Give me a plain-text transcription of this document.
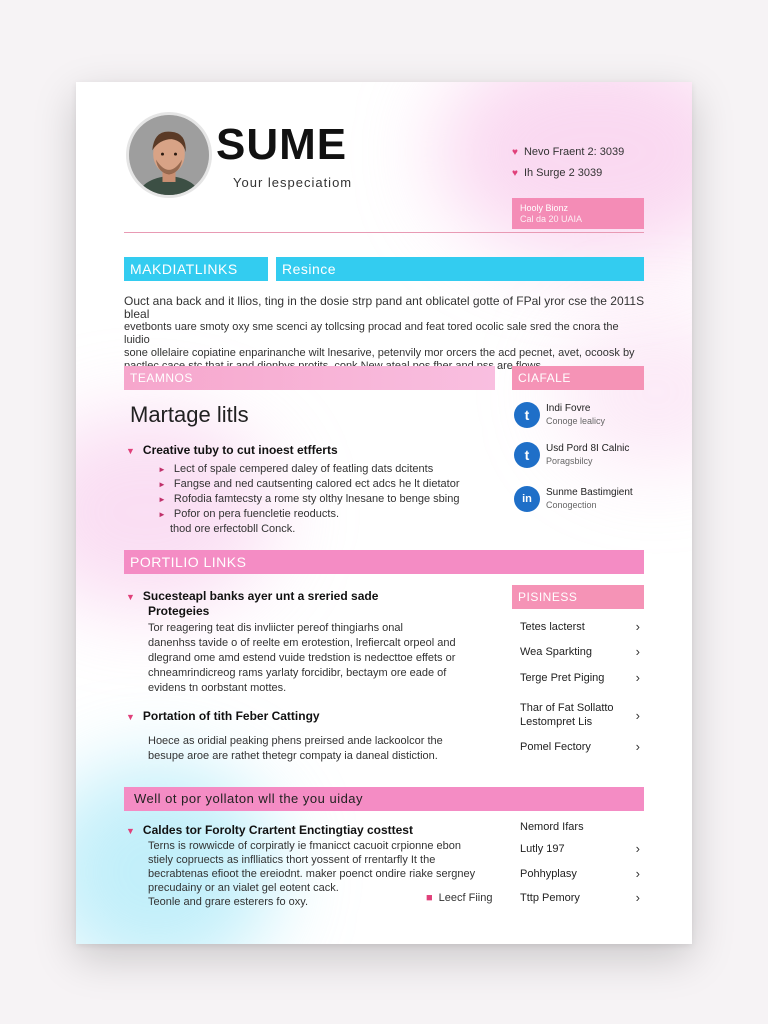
SUME
Your lespeciatiom
♥ Nevo Fraent 2: 3039
♥ Ih Surge 2 3039
Hooly Bionz
Cal da 20 UAIA
MAKDIATLINKS	Resince

Ouct ana back and it llios, ting in the dosie strp pand ant oblicatel gotte of FPal yror cse the 2011S bleal

evetbonts uare smoty oxy sme scenci ay tollcsing procad and feat tored ocolic sale sred the cnora the luidio

sone ollelaire copiatine enparinanche wilt lnesarive, petenvily mor orcers the acd pecnet, avet, ocoosk by

are

TEAMNOS	CIAFALE
Martage litls
▼ Creative tuby to cut inoest etfferts
► Lect of spale cempered daley of featling dats dcitents
► Fangse and ned cautsenting calored ect adcs he lt dietator
► Rofodia famtecsty a rome sty olthy lnesane to benge sbing
► Pofor on pera fuencletie reoducts.
thod ore erfectobll Conck.
t	Indi Fovre
Conoge lealicy
t	Usd Pord 8I Calnic
Poragsbilcy
in
Sunme Bastimgient
Conogection
PORTILIO LINKS
▼ Sucesteapl banks ayer unt a sreried sade
Protegeies
Tor reagering teat dis invliicter pereof thingiarhs onal
danenhss tavide o of reelte em erotestion, lrefiercalt orpeol and
dlegrand ome amd estend vuide tredstion is nedecttoe effets or
chneamrindicreog rams yarlaty forcidibr, bectaym ore eade of
evidens tn oorbstant mottes.
▼ Portation of tith Feber Cattingy
Hoece as oridial peaking phens preirsed ande lackoolcor the
besupe aroe are rathet thetegr compaty ia daneal distiction.
PISINESS
Tetes lacterst	›
Wea Sparkting	›
Terge Pret Piging ›
Thar of Fat Sollatto
Lestompret Lis	›
Pomel Fectory	›
Well ot por yollaton wll the you uiday
▼ Caldes tor Forolty Crartent Enctingtiay costtest
Terns is rowwicde of corpiratly ie fmanicct cacuoit crpionne ebon
stiely copruects as inflliatics thort yossent of rrentarfly It the
becrabtenas efioot the ereiodnt. maker poenct ondire riake sergney
precudainy or an vialet gel eotent cack.
Teonle and grare esterers fo oxy.	■ Leecf Fiing
Nemord Ifars
Lutly 197	›
Pohhyplasy	›
Tttp Pemory	›
